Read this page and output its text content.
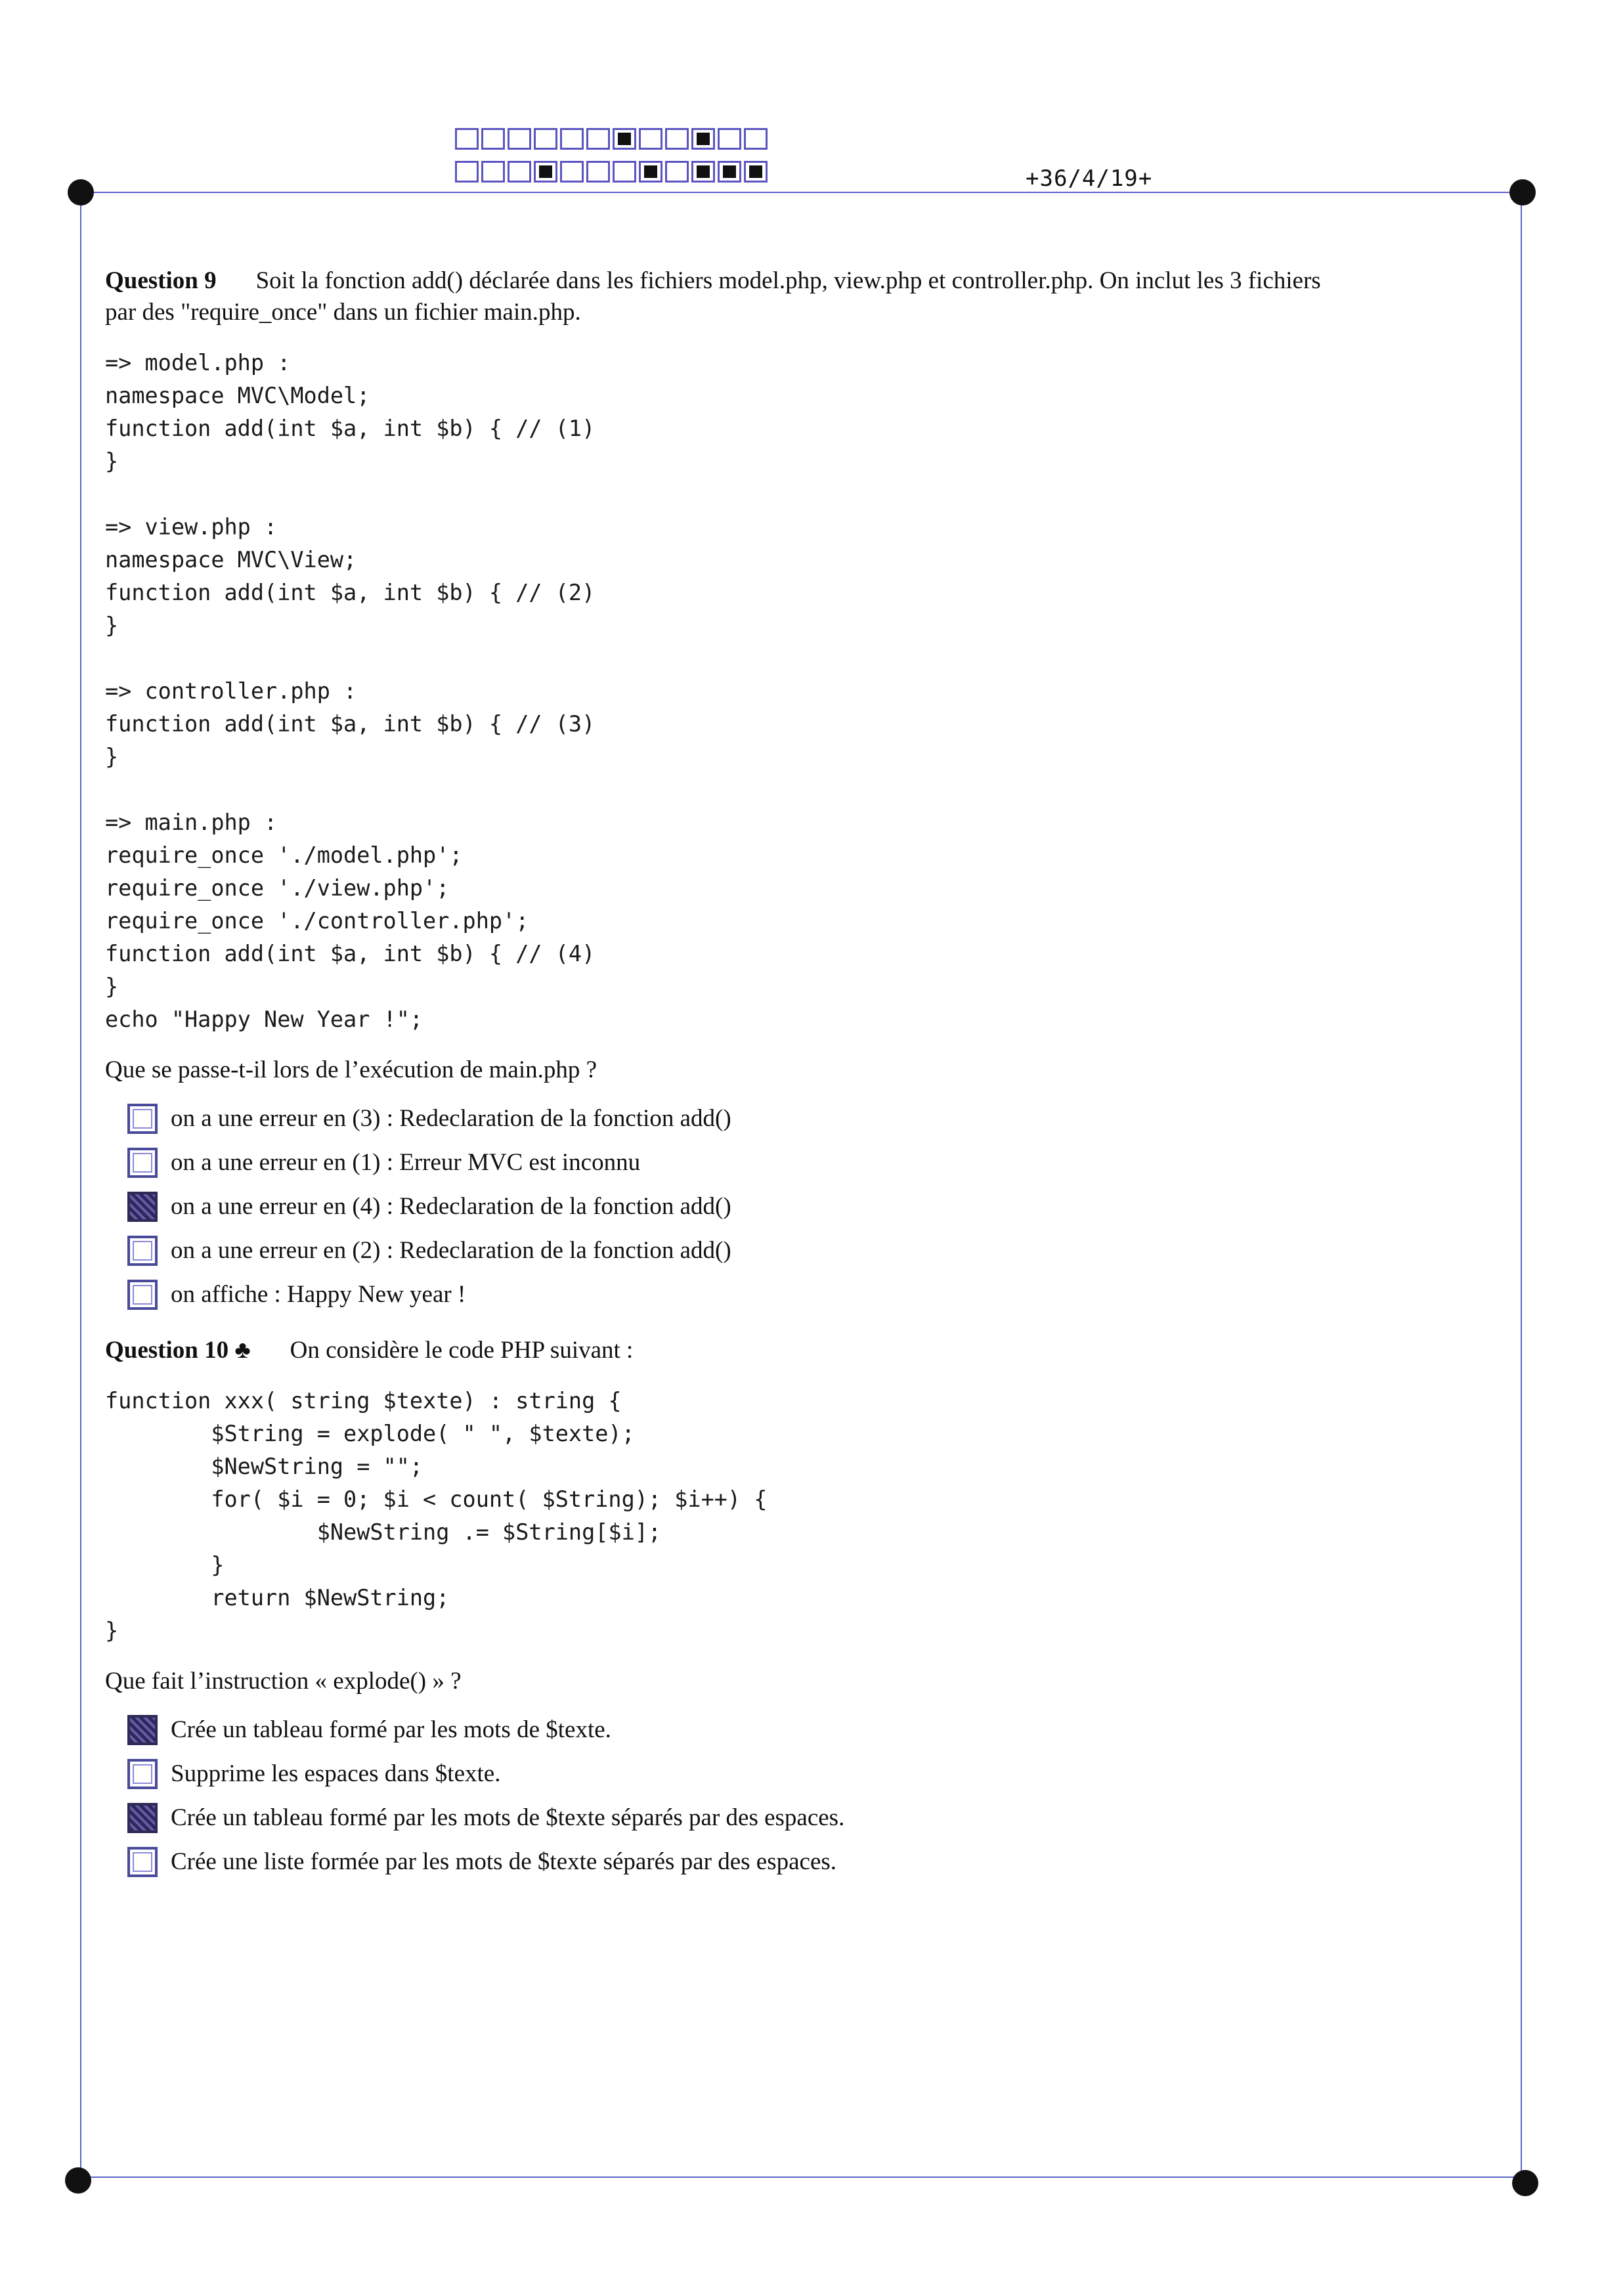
+36/4/19+

Question 9 Soit la fonction add() déclarée dans les fichiers model.php, view.php et controller.php. On inclut les 3 fichiers

par des "require_once" dans un fichier main.php.

=> model.php :
namespace MVC\Model;
function add(int $a, int $b) { // (1)
}
=> view.php :
namespace MVC\View;
function add(int $a, int $b) { // (2)
}
=> controller.php :
function add(int $a, int $b) { // (3)
}
=> main.php :
require_once './model.php';
require_once './view.php';
require_once './controller.php';
function add(int $a, int $b) { // (4)
}
echo "Happy New Year !";

Que se passe-t-il lors de l’exécution de main.php ?

on a une erreur en (3) : Redeclaration de la fonction add()
on a une erreur en (1) : Erreur MVC est inconnu
on a une erreur en (4) : Redeclaration de la fonction add()
on a une erreur en (2) : Redeclaration de la fonction add()
on affiche : Happy New year !

Question 10 ♣ On considère le code PHP suivant :

function xxx( string $texte) : string {
$String = explode( " ", $texte);
$NewString = "";
for( $i = 0; $i < count( $String); $i++) {
$NewString .= $String[$i];
}
return $NewString;
}

Que fait l’instruction « explode() » ?

Crée un tableau formé par les mots de $texte.
Supprime les espaces dans $texte.
Crée un tableau formé par les mots de $texte séparés par des espaces.
Crée une liste formée par les mots de $texte séparés par des espaces.
